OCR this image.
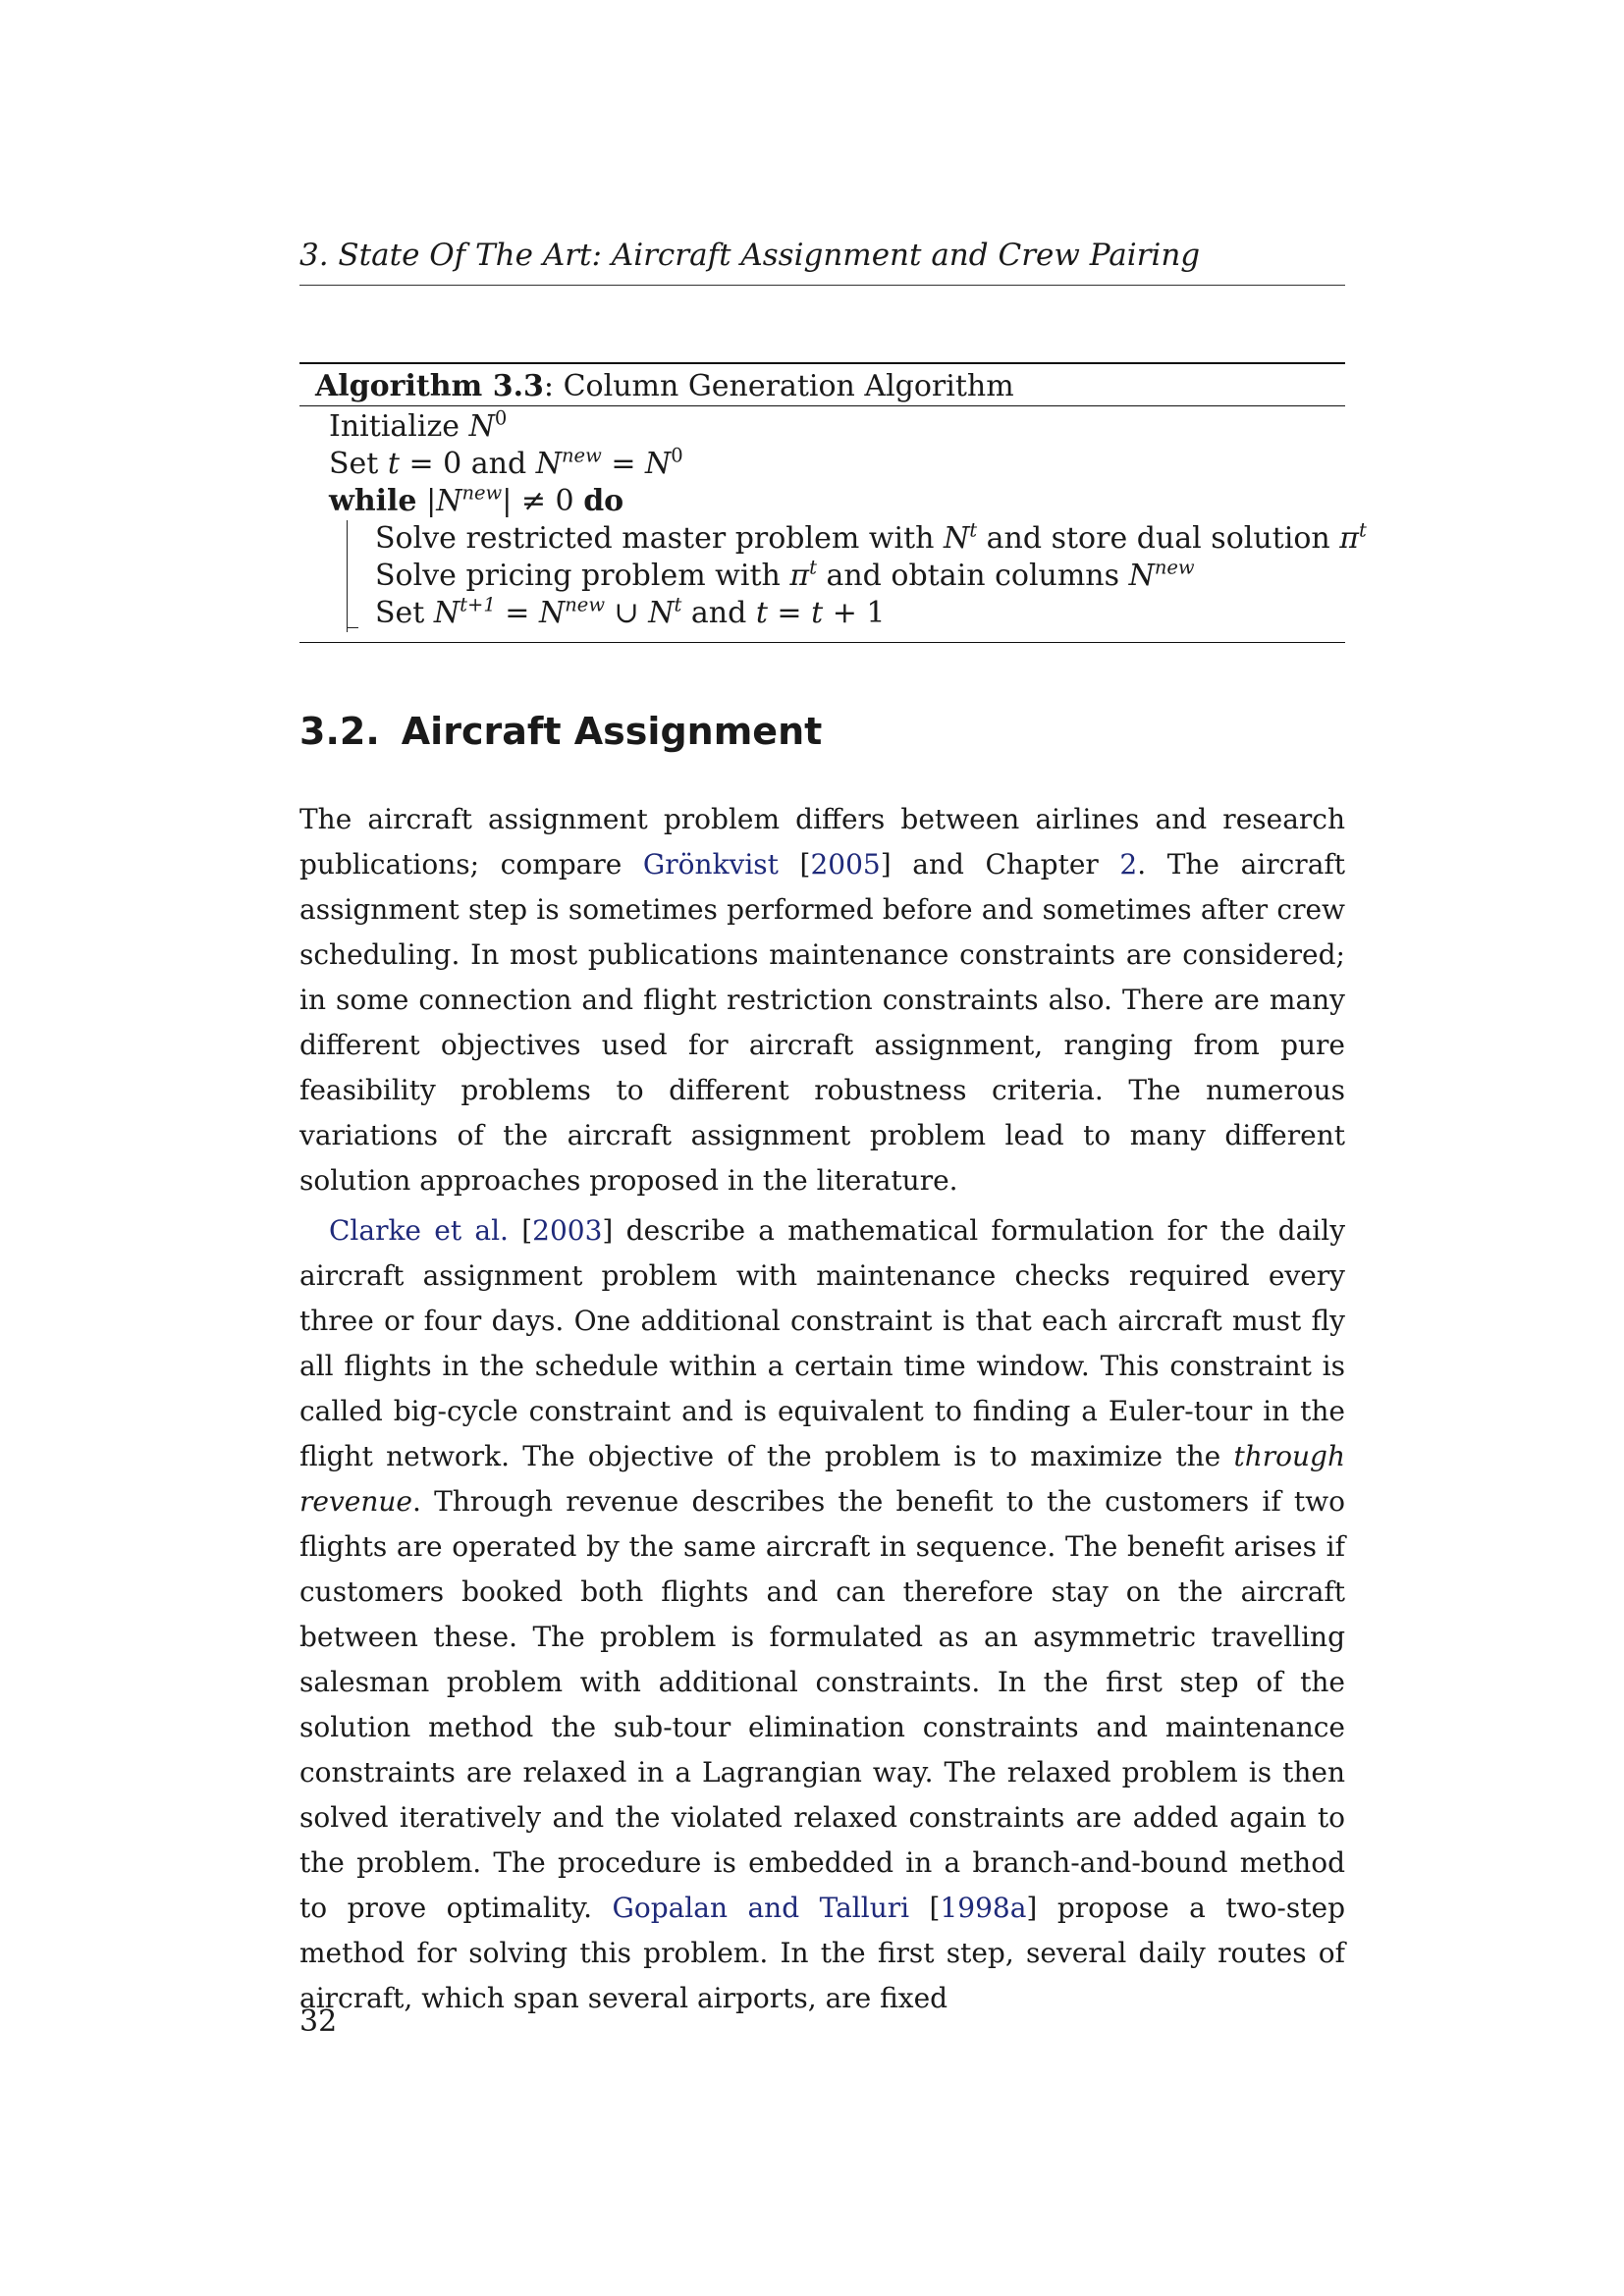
3. State Of The Art: Aircraft Assignment and Crew Pairing
Algorithm 3.3: Column Generation Algorithm
Initialize $N^0$
Set t = 0 and $N^{new} = N^0$
while $|N^{new}| \ne 0$ do
Solve restricted master problem with $N^t$ and store dual solution $\pi^t$
Solve pricing problem with $\pi^t$ and obtain columns $N^{new}$
Set $N^{t+1} = N^{new}$ ∪ $N^t$ and t = t + 1
3.2. Aircraft Assignment

The aircraft assignment problem differs between airlines and research publications; compare Grönkvist [2005] and Chapter 2. The aircraft assignment step is sometimes performed before and sometimes after crew scheduling. In most publications maintenance constraints are considered; in some connection and flight restriction constraints also. There are many different objectives used for aircraft assignment, ranging from pure feasibility problems to different robustness criteria. The numerous variations of the aircraft assignment problem lead to many different solution approaches proposed in the literature.

Clarke et al. [2003] describe a mathematical formulation for the daily aircraft assignment problem with maintenance checks required every three or four days. One additional constraint is that each aircraft must fly all flights in the schedule within a certain time window. This constraint is called big-cycle constraint and is equivalent to finding a Euler-tour in the flight network. The objective of the problem is to maximize the through revenue. Through revenue describes the benefit to the customers if two flights are operated by the same aircraft in sequence. The benefit arises if customers booked both flights and can therefore stay on the aircraft between these. The problem is formulated as an asymmetric travelling salesman problem with additional constraints. In the first step of the solution method the sub-tour elimination constraints and maintenance constraints are relaxed in a Lagrangian way. The relaxed problem is then solved iteratively and the violated relaxed constraints are added again to the problem. The procedure is embedded in a branch-and-bound method to prove optimality. Gopalan and Talluri [1998a] propose a two-step method for solving this problem. In the first step, several daily routes of aircraft, which span several airports, are fixed

32
